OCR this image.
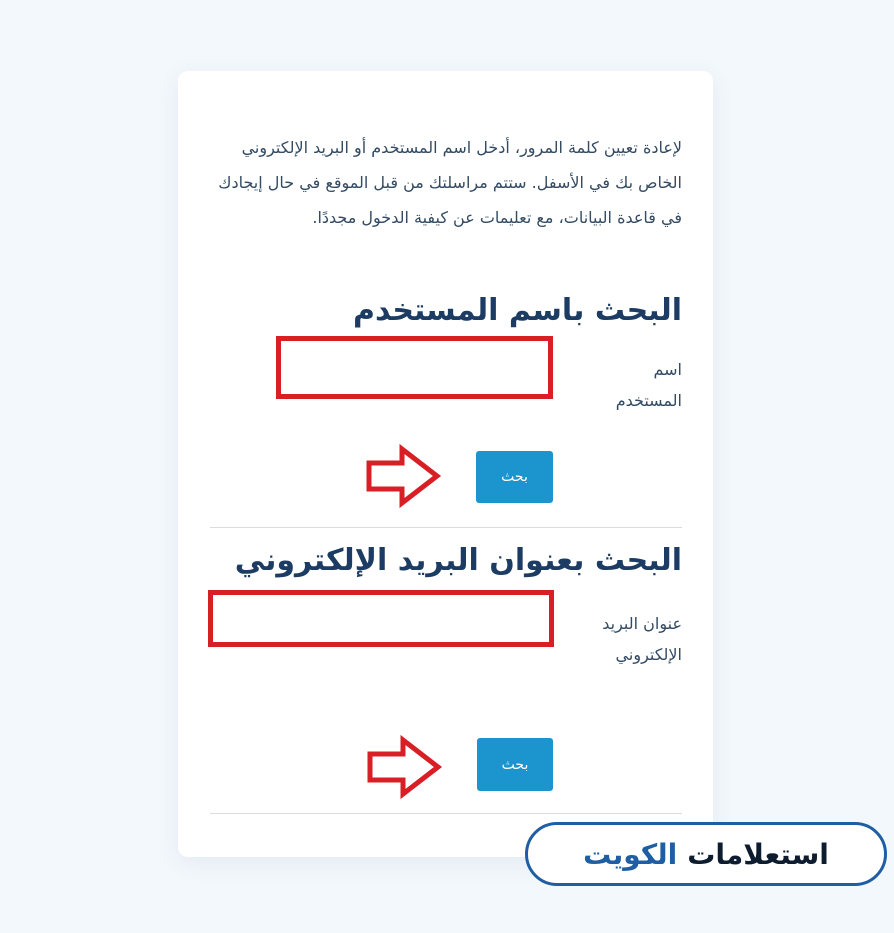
لإعادة تعيين كلمة المرور، أدخل اسم المستخدم أو البريد الإلكتروني الخاص بك في الأسفل. ستتم مراسلتك من قبل الموقع في حال إيجادك في قاعدة البيانات، مع تعليمات عن كيفية الدخول مجددًا.

البحث باسم المستخدم
اسم المستخدم
بحث
البحث بعنوان البريد الإلكتروني
عنوان البريد الإلكتروني
بحث
استعلامات
الكويت
